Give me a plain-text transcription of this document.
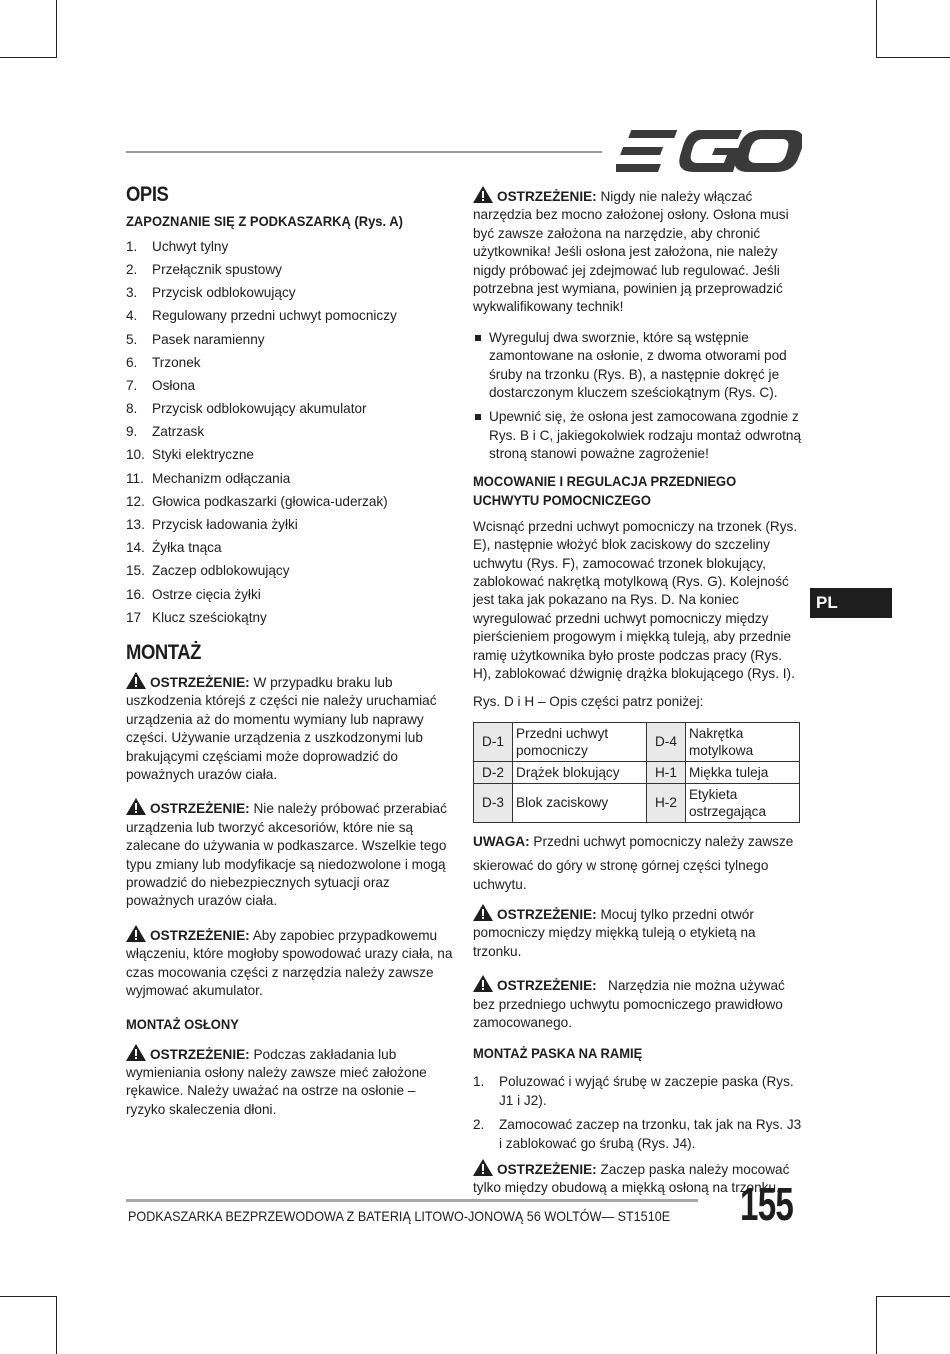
OPIS
ZAPOZNANIE SIĘ Z PODKASZARKĄ (Rys. A)
1.	Uchwyt tylny
2.	Przełącznik spustowy
3.	Przycisk odblokowujący
4.	Regulowany przedni uchwyt pomocniczy
5.	Pasek naramienny
6.	Trzonek
7.	Osłona
8.	Przycisk odblokowujący akumulator
9.	Zatrzask
10. Styki elektryczne
11. Mechanizm odłączania
12. Głowica podkaszarki (głowica-uderzak)
13. Przycisk ładowania żyłki
14. Żyłka tnąca
15. Zaczep odblokowujący
16. Ostrze cięcia żyłki
17 Klucz sześciokątny
MONTAŻ

OSTRZEŻENIE: W przypadku braku lub uszkodzenia którejś z części nie należy uruchamiać urządzenia aż do momentu wymiany lub naprawy części. Używanie urządzenia z uszkodzonymi lub brakującymi częściami może doprowadzić do poważnych urazów ciała.

OSTRZEŻENIE: Nie należy próbować przerabiać urządzenia lub tworzyć akcesoriów, które nie są zalecane do używania w podkaszarce. Wszelkie tego typu zmiany lub modyfikacje są niedozwolone i mogą prowadzić do niebezpiecznych sytuacji oraz poważnych urazów ciała.

OSTRZEŻENIE: Aby zapobiec przypadkowemu włączeniu, które mogłoby spowodować urazy ciała, na czas mocowania części z narzędzia należy zawsze wyjmować akumulator.

MONTAŻ OSŁONY

OSTRZEŻENIE: Podczas zakładania lub wymieniania osłony należy zawsze mieć założone rękawice. Należy uważać na ostrze na osłonie – ryzyko skaleczenia dłoni.

OSTRZEŻENIE: Nigdy nie należy włączać narzędzia bez mocno założonej osłony. Osłona musi być zawsze założona na narzędzie, aby chronić użytkownika! Jeśli osłona jest założona, nie należy nigdy próbować jej zdejmować lub regulować. Jeśli potrzebna jest wymiana, powinien ją przeprowadzić wykwalifikowany technik!

Wyreguluj dwa sworznie, które są wstępnie zamontowane na osłonie, z dwoma otworami pod śruby na trzonku (Rys. B), a następnie dokręć je dostarczonym kluczem sześciokątnym (Rys. C).
Upewnić się, że osłona jest zamocowana zgodnie z Rys. B i C, jakiegokolwiek rodzaju montaż odwrotną stroną stanowi poważne zagrożenie!
MOCOWANIE I REGULACJA PRZEDNIEGO UCHWYTU POMOCNICZEGO

Wcisnąć przedni uchwyt pomocniczy na trzonek (Rys. E), następnie włożyć blok zaciskowy do szczeliny uchwytu (Rys. F), zamocować trzonek blokujący, zablokować nakrętką motylkową (Rys. G). Kolejność jest taka jak pokazano na Rys. D. Na koniec wyregulować przedni uchwyt pomocniczy między pierścieniem progowym i miękką tuleją, aby przednie ramię użytkownika było proste podczas pracy (Rys. H), zablokować dźwignię drążka blokującego (Rys. I).

Rys. D i H – Opis części patrz poniżej:

D-1	Przedni uchwyt pomocniczy	D-4	Nakrętka motylkowa
D-2	Drążek blokujący	H-1	Miękka tuleja
D-3	Blok zaciskowy	H-2	Etykieta ostrzegająca

UWAGA: Przedni uchwyt pomocniczy należy zawsze

skierować do góry w stronę górnej części tylnego uchwytu.

OSTRZEŻENIE: Mocuj tylko przedni otwór pomocniczy między miękką tuleją o etykietą na trzonku.

OSTRZEŻENIE:   Narzędzia nie można używać bez przedniego uchwytu pomocniczego prawidłowo zamocowanego.

MONTAŻ PASKA NA RAMIĘ
1. Poluzować i wyjąć śrubę w zaczepie paska (Rys. J1 i J2).
2. Zamocować zaczep na trzonku, tak jak na Rys. J3 i zablokować go śrubą (Rys. J4).

OSTRZEŻENIE: Zaczep paska należy mocować tylko między obudową a miękką osłoną na trzonku.

PL
PODKASZARKA BEZPRZEWODOWA Z BATERIĄ LITOWO-JONOWĄ 56 WOLTÓW— ST1510E 155
